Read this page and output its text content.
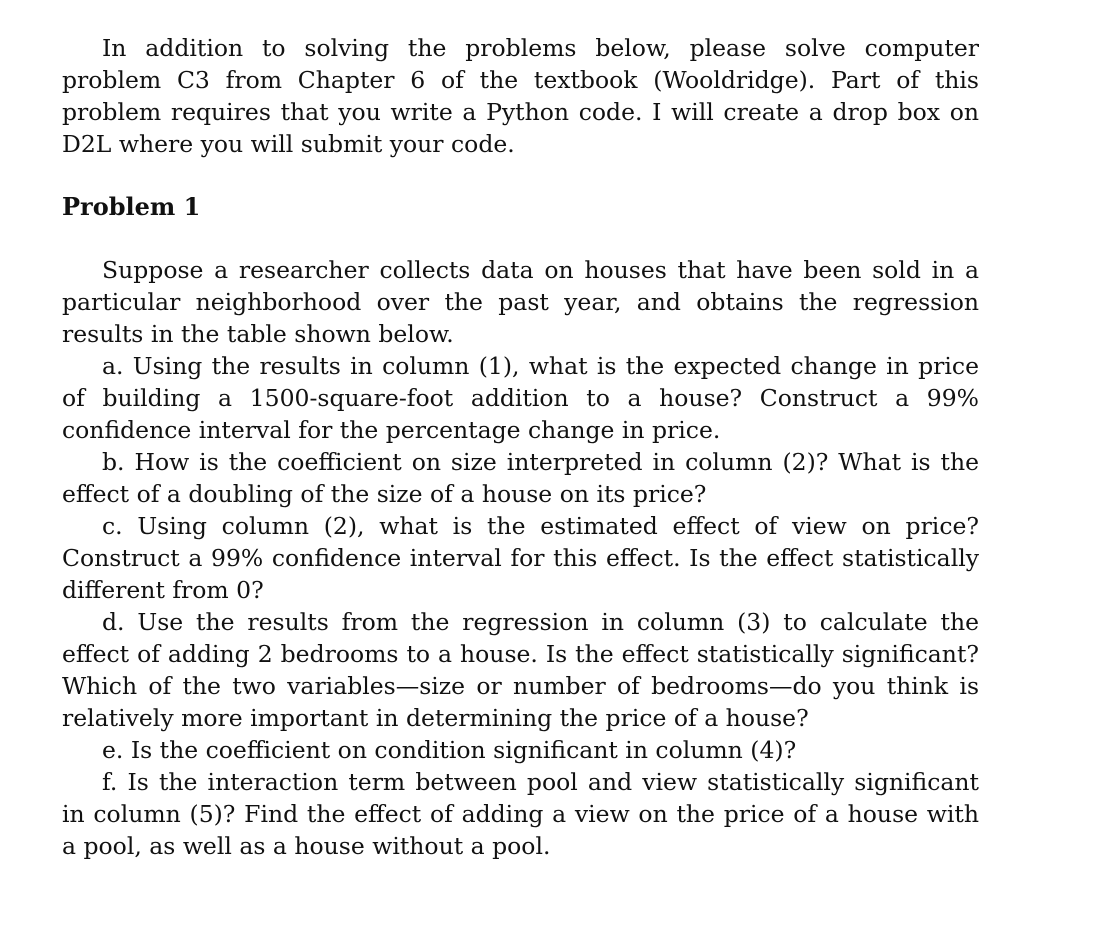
In addition to solving the problems below, please solve computer problem C3 from Chapter 6 of the textbook (Wooldridge). Part of this problem requires that you write a Python code. I will create a drop box on D2L where you will submit your code.

Problem 1

Suppose a researcher collects data on houses that have been sold in a particular neighborhood over the past year, and obtains the regression results in the table shown below.

a. Using the results in column (1), what is the expected change in price of building a 1500-square-foot addition to a house? Construct a 99% confidence interval for the percentage change in price.

b. How is the coefficient on size interpreted in column (2)? What is the effect of a doubling of the size of a house on its price?

c. Using column (2), what is the estimated effect of view on price? Construct a 99% confidence interval for this effect. Is the effect statistically different from 0?

d. Use the results from the regression in column (3) to calculate the effect of adding 2 bedrooms to a house. Is the effect statistically significant? Which of the two variables—size or number of bedrooms—do you think is relatively more important in determining the price of a house?

e. Is the coefficient on condition significant in column (4)?

f. Is the interaction term between pool and view statistically significant in column (5)? Find the effect of adding a view on the price of a house with a pool, as well as a house without a pool.
